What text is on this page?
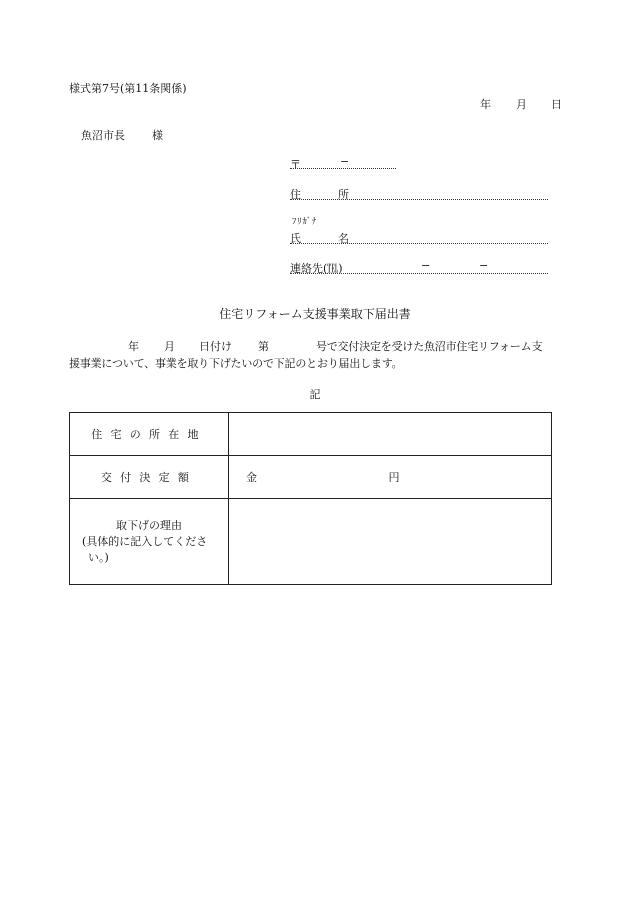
様式第7号(第11条関係)
年 月 日
魚沼市長 様
〒	−
住	所
ﾌﾘｶﾞﾅ
氏	名
連絡先(℡)	−	−
住宅リフォーム支援事業取下届出書
年 月 日付け 第	号で交付決定を受けた魚沼市住宅リフォーム支
援事業について、事業を取り下げたいので下記のとおり届出します。
記
住宅の所在地	
交付決定額	金 円

取下げの理由
(具体的に記入してくださ
い。)	
